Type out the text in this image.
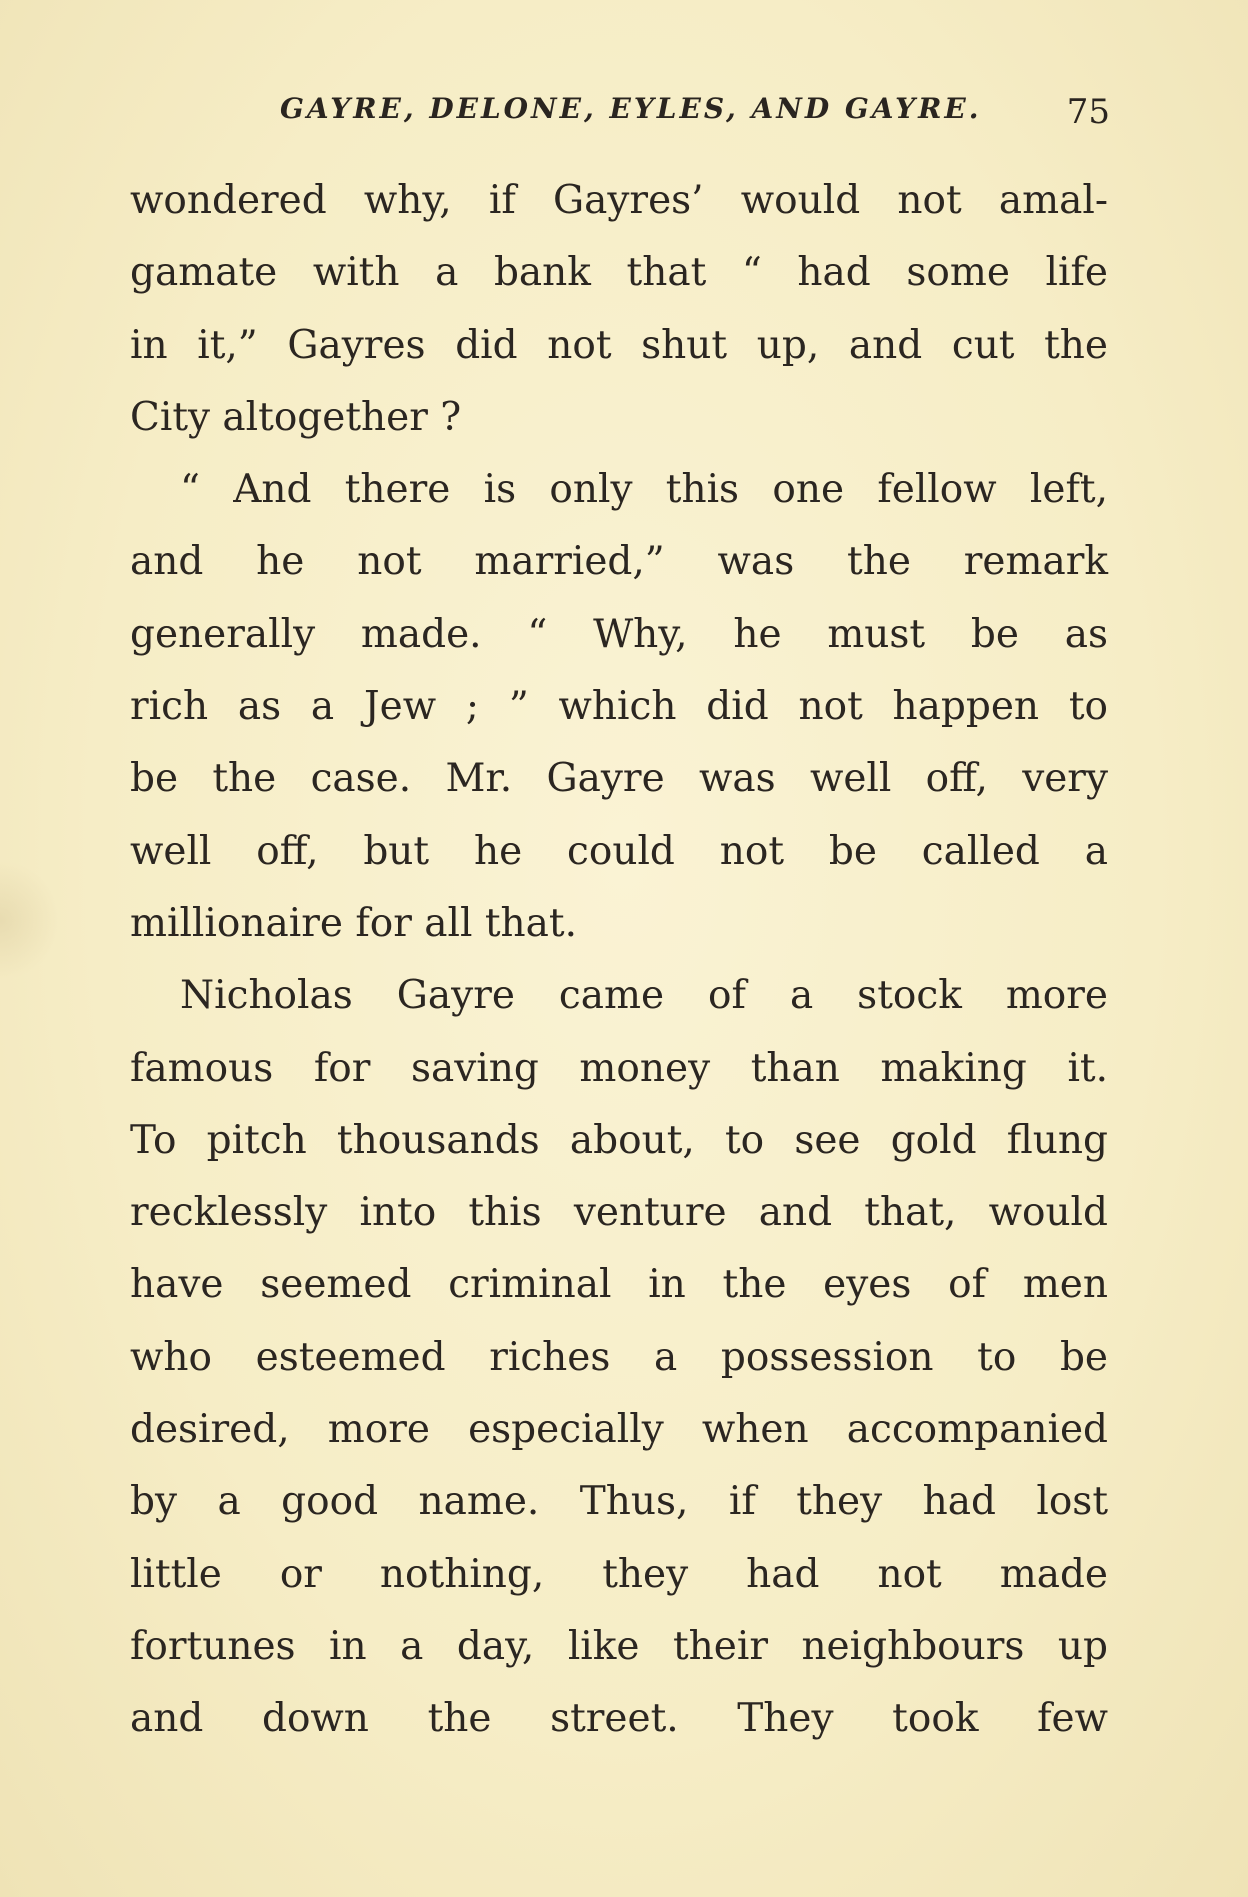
GAYRE, DELONE, EYLES, AND GAYRE.	75
wondered why, if Gayres’ would not amal-
gamate with a bank that “ had some life
in it,” Gayres did not shut up, and cut the
City altogether ?
“ And there is only this one fellow left,
and he not married,” was the remark
generally made. “ Why, he must be as
rich as a Jew ; ” which did not happen to
be the case. Mr. Gayre was well off, very
well off, but he could not be called a
millionaire for all that.
Nicholas Gayre came of a stock more
famous for saving money than making it.
To pitch thousands about, to see gold flung
recklessly into this venture and that, would
have seemed criminal in the eyes of men
who esteemed riches a possession to be
desired, more especially when accompanied
by a good name. Thus, if they had lost
little or nothing, they had not made
fortunes in a day, like their neighbours up
and down the street. They took few
